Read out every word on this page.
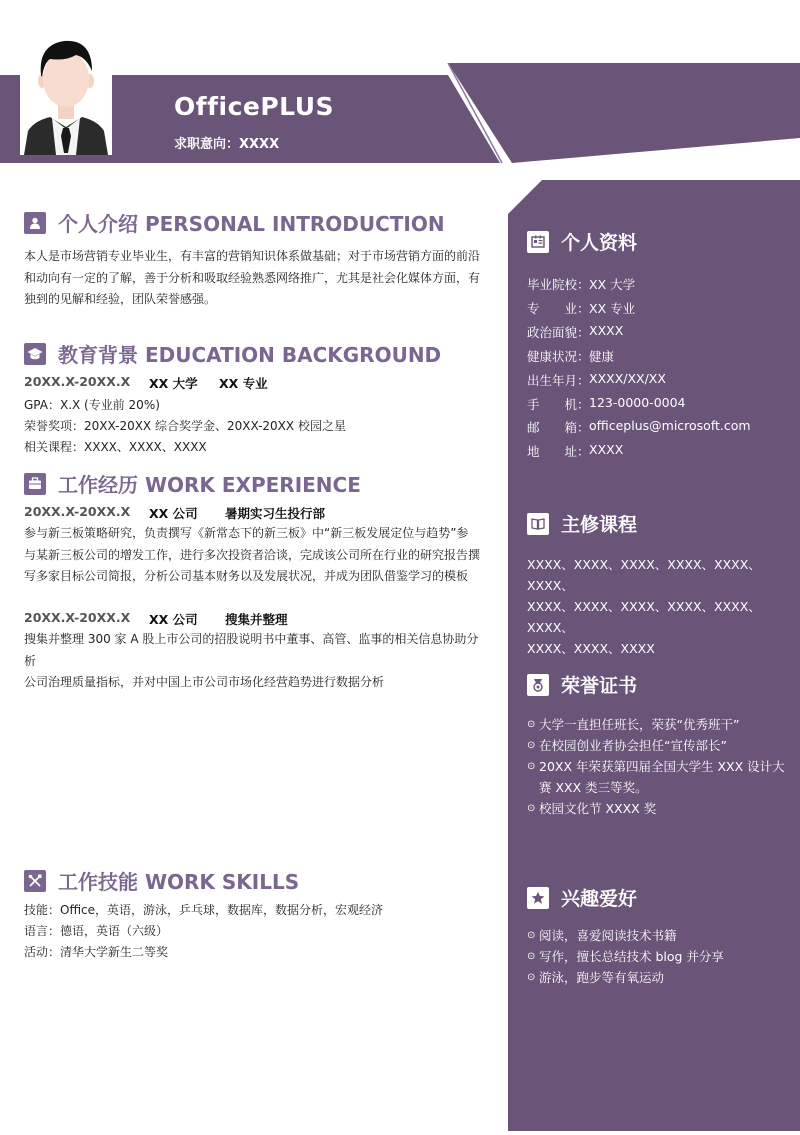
OfficePLUS
求职意向：XXXX
个人资料
毕业院校： XX 大学
专　　业： XX 专业
政治面貌： XXXX
健康状况： 健康
出生年月： XXXX/XX/XX
手　　机： 123-0000-0004
邮　　箱： officeplus@microsoft.com
地　　址： XXXX
主修课程
XXXX、XXXX、XXXX、XXXX、XXXX、XXXX、
XXXX、XXXX、XXXX、XXXX、XXXX、XXXX、
XXXX、XXXX、XXXX
荣誉证书
⊙ 大学一直担任班长，荣获“优秀班干”
⊙ 在校园创业者协会担任“宣传部长”
⊙ 20XX 年荣获第四届全国大学生 XXX 设计大赛 XXX 类三等奖。
⊙ 校园文化节 XXXX 奖
兴趣爱好
⊙ 阅读，喜爱阅读技术书籍
⊙ 写作，擅长总结技术 blog 并分享
⊙ 游泳，跑步等有氧运动
个人介绍 PERSONAL INTRODUCTION
本人是市场营销专业毕业生，有丰富的营销知识体系做基础；对于市场营销方面的前沿
和动向有一定的了解，善于分析和吸取经验熟悉网络推广，尤其是社会化媒体方面，有
独到的见解和经验，团队荣誉感强。
教育背景 EDUCATION BACKGROUND
20XX.X-20XX.X	XX 大学	XX 专业
GPA：X.X (专业前 20%)
荣誉奖项：20XX-20XX 综合奖学金、20XX-20XX 校园之星
相关课程：XXXX、XXXX、XXXX
工作经历 WORK EXPERIENCE
20XX.X-20XX.X	XX 公司	暑期实习生投行部
参与新三板策略研究，负责撰写《新常态下的新三板》中“新三板发展定位与趋势”参
与某新三板公司的增发工作，进行多次投资者洽谈，完成该公司所在行业的研究报告撰
写多家目标公司简报，分析公司基本财务以及发展状况，并成为团队借鉴学习的模板
20XX.X-20XX.X	XX 公司	搜集并整理
搜集并整理 300 家 A 股上市公司的招股说明书中董事、高管、监事的相关信息协助分析
公司治理质量指标，并对中国上市公司市场化经营趋势进行数据分析
工作技能 WORK SKILLS
技能：Office，英语，游泳，乒乓球，数据库，数据分析，宏观经济
语言：德语，英语（六级）
活动：清华大学新生二等奖
